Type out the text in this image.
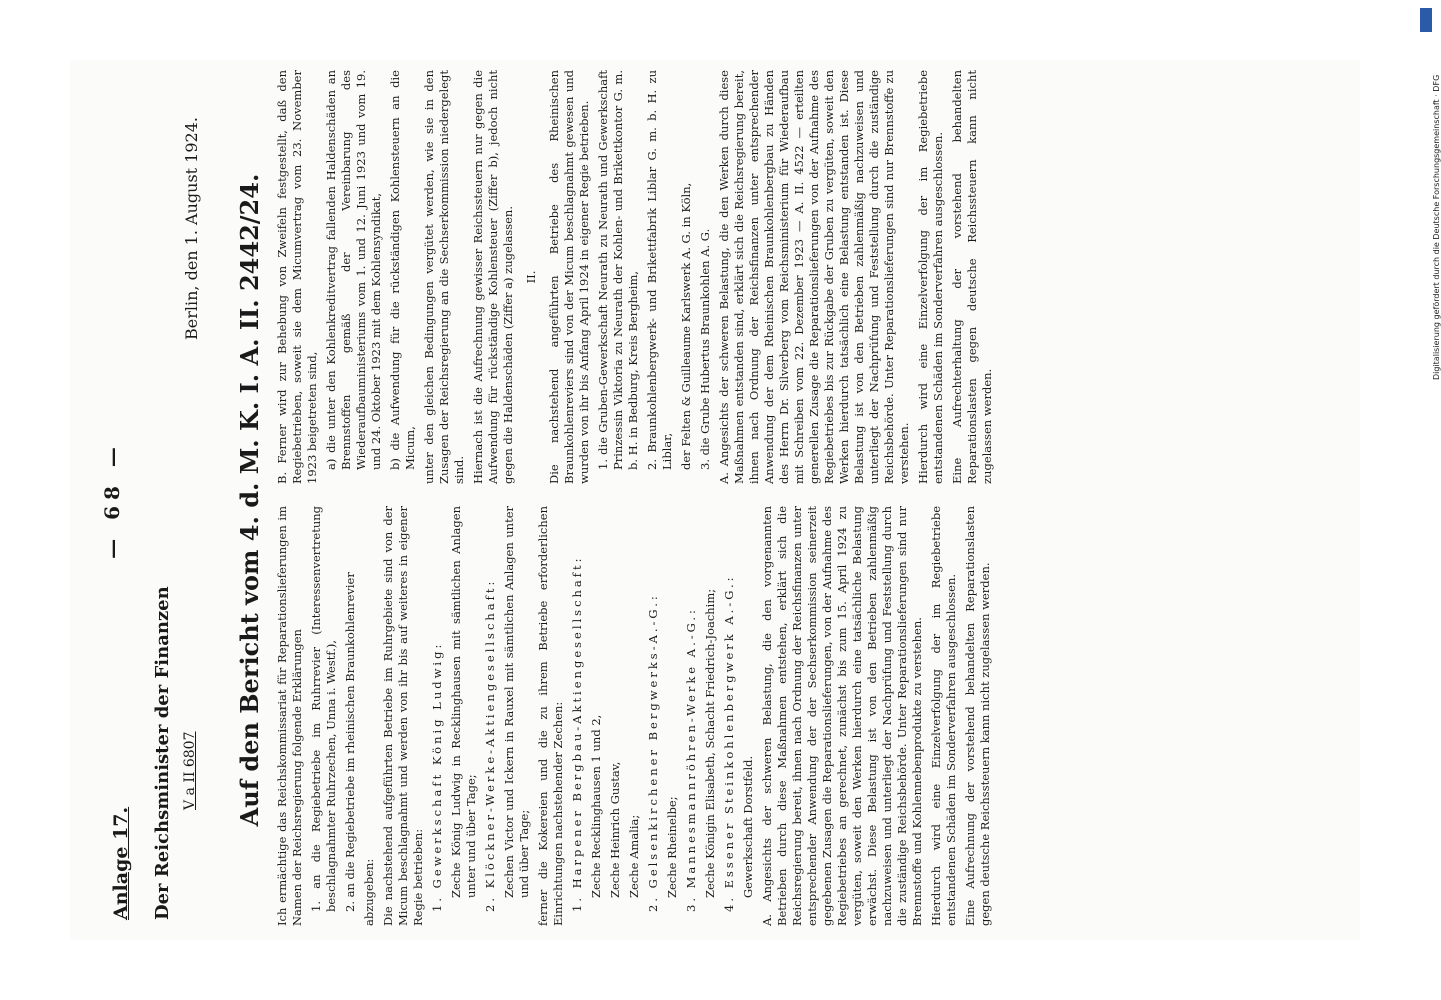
Anlage 17.
— 68 —
Der Reichsminister der Finanzen V a II 6807
Berlin, den 1. August 1924. Auf den Bericht vom 4. d. M. K. I. A. II. 2442/24. Ich ermächtige das Reichskommissariat für Reparationslieferungen im Namen der Reichsregierung folgende Erklärungen 1. an die Regiebetriebe im Ruhrrevier (Interessenvertretung beschlagnahmter Ruhrzechen, Unna i. Westf.), 2. an die Regiebetriebe im rheinischen Braunkohlenrevier abzugeben: Die nachstehend aufgeführten Betriebe im Ruhrgebiete sind von der Micum beschlagnahmt und werden von ihr bis auf weiteres in eigener Regie betrieben: 1. Gewerkschaft König Ludwig: Zeche König Ludwig in Recklinghausen mit sämtlichen Anlagen unter und über Tage; 2. Klöckner-Werke-Aktiengesellschaft: Zechen Victor und Ickern in Rauxel mit sämtlichen Anlagen unter und über Tage; ferner die Kokereien und die zu ihrem Betriebe erforderlichen Einrichtungen nachstehender Zechen: 1. Harpener Bergbau-Aktiengesellschaft: Zeche Recklinghausen 1 und 2, Zeche Heinrich Gustav, Zeche Amalia; 2. Gelsenkirchener Bergwerks-A.-G.: Zeche Rheinelbe; 3. Mannesmannröhren-Werke A.-G.: Zeche Königin Elisabeth, Schacht Friedrich-Joachim; 4. Essener Steinkohlenbergwerk A.-G.: Gewerkschaft Dorstfeld. A. Angesichts der schweren Belastung, die den vorgenannten Betrieben durch diese Maßnahmen entstehen, erklärt sich die Reichsregierung bereit, ihnen nach Ordnung der Reichsfinanzen unter entsprechender Anwendung der der Sechserkommission seinerzeit gegebenen Zusagen die Reparationslieferungen, von der Aufnahme des Regiebetriebes an gerechnet, zunächst bis zum 15. April 1924 zu vergüten, soweit den Werken hierdurch eine tatsächliche Belastung erwächst. Diese Belastung ist von den Betrieben zahlenmäßig nachzuweisen und unterliegt der Nachprüfung und Feststellung durch die zuständige Reichsbehörde. Unter Reparationslieferungen sind nur Brennstoffe und Kohlennebenprodukte zu verstehen. Hierdurch wird eine Einzelverfolgung der im Regiebetriebe entstandenen Schäden im Sonderverfahren ausgeschlossen. Eine Aufrechnung der vorstehend behandelten Reparationslasten gegen deutsche Reichssteuern kann nicht zugelassen werden.

B. Ferner wird zur Behebung von Zweifeln festgestellt, daß den Regiebetrieben, soweit sie dem Micumvertrag vom 23. November 1923 beigetreten sind, a) die unter den Kohlenkreditvertrag fallenden Haldenschäden an Brennstoffen gemäß der Vereinbarung des Wiederaufbauministeriums vom 1. und 12. Juni 1923 und vom 19. und 24. Oktober 1923 mit dem Kohlensyndikat, b) die Aufwendung für die rückständigen Kohlensteuern an die Micum, unter den gleichen Bedingungen vergütet werden, wie sie in den Zusagen der Reichsregierung an die Sechserkommission niedergelegt sind. Hiernach ist die Aufrechnung gewisser Reichssteuern nur gegen die Aufwendung für rückständige Kohlensteuer (Ziffer b), jedoch nicht gegen die Haldenschäden (Ziffer a) zugelassen. II. Die nachstehend angeführten Betriebe des Rheinischen Braunkohlenreviers sind von der Micum beschlagnahmt gewesen und wurden von ihr bis Anfang April 1924 in eigener Regie betrieben. 1. die Gruben-Gewerkschaft Neurath zu Neurath und Gewerkschaft Prinzessin Viktoria zu Neurath der Kohlen- und Brikettkontor G. m. b. H. in Bedburg, Kreis Bergheim, 2. Braunkohlenbergwerk- und Brikettfabrik Liblar G. m. b. H. zu Liblar, der Felten & Guilleaume Karlswerk A. G. in Köln, 3. die Grube Hubertus Braunkohlen A. G. A. Angesichts der schweren Belastung, die den Werken durch diese Maßnahmen entstanden sind, erklärt sich die Reichsregierung bereit, ihnen nach Ordnung der Reichsfinanzen unter entsprechender Anwendung der dem Rheinischen Braunkohlenbergbau zu Händen des Herrn Dr. Silverberg vom Reichsministerium für Wiederaufbau mit Schreiben vom 22. Dezember 1923 — A. II. 4522 — erteilten generellen Zusage die Reparationslieferungen von der Aufnahme des Regiebetriebes bis zur Rückgabe der Gruben zu vergüten, soweit den Werken hierdurch tatsächlich eine Belastung entstanden ist. Diese Belastung ist von den Betrieben zahlenmäßig nachzuweisen und unterliegt der Nachprüfung und Feststellung durch die zuständige Reichsbehörde. Unter Reparationslieferungen sind nur Brennstoffe zu verstehen. Hierdurch wird eine Einzelverfolgung der im Regiebetriebe entstandenen Schäden im Sonderverfahren ausgeschlossen. Eine Aufrechterhaltung der vorstehend behandelten Reparationslasten gegen deutsche Reichssteuern kann nicht zugelassen werden.

Digitalisierung gefördert durch die Deutsche Forschungsgemeinschaft · DFG
